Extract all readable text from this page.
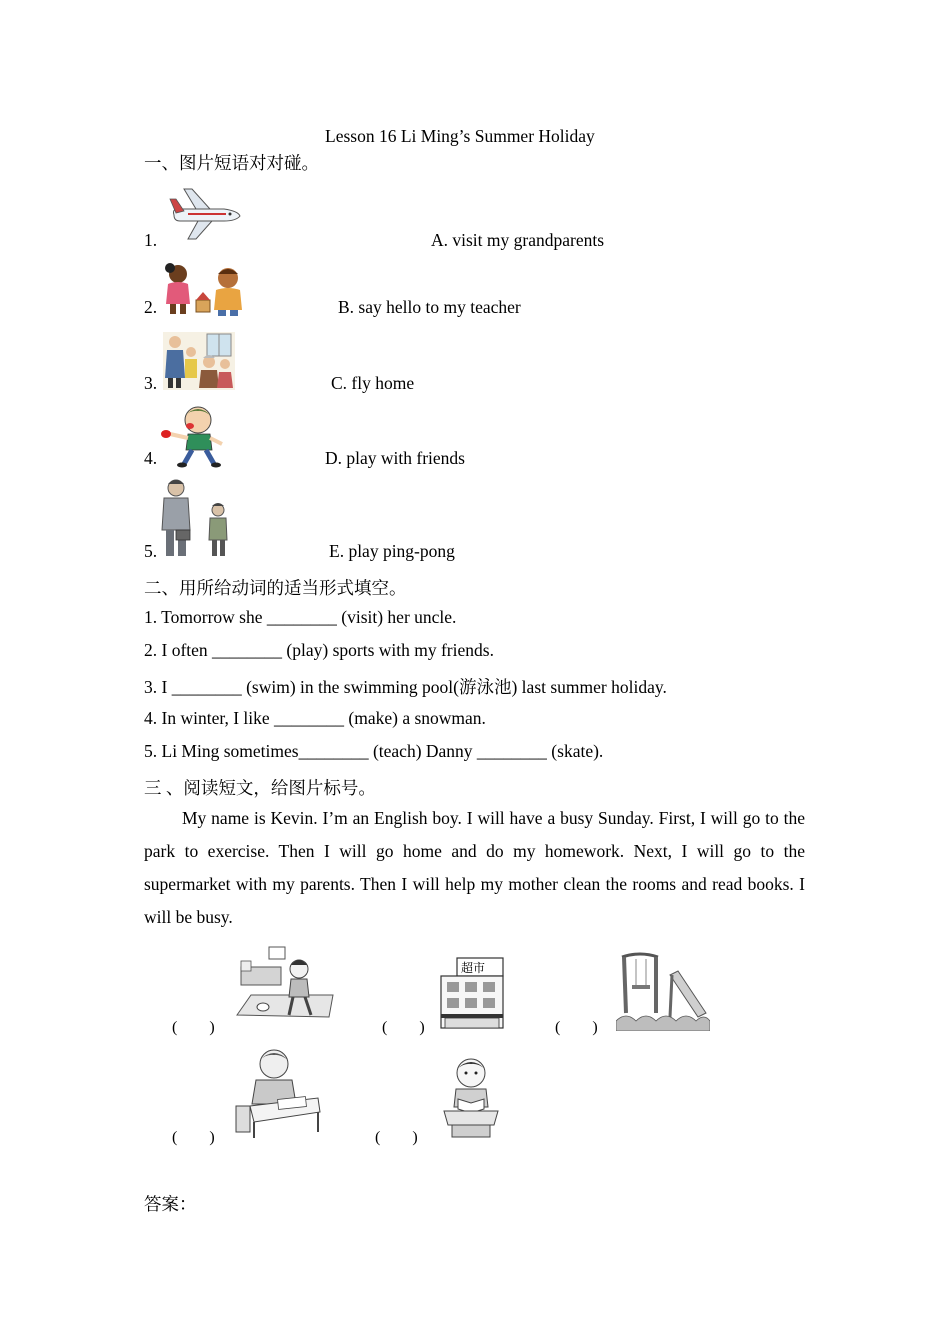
Lesson 16 Li Ming’s Summer Holiday
一、图片短语对对碰。
1.	A. visit my grandparents
2.	B. say hello to my teacher
3.	C. fly home
4.	D. play with friends
5.	E. play ping-pong
二、用所给动词的适当形式填空。
1. Tomorrow she ________ (visit) her uncle.
2. I often ________ (play) sports with my friends.
3. I ________ (swim) in the swimming pool(游泳池) last summer holiday.
4. In winter, I like ________ (make) a snowman.
5. Li Ming sometimes________ (teach) Danny ________ (skate).
三 、阅读短文，给图片标号。
My name is Kevin. I’m an English boy. I will have a busy Sunday. First, I will go to the park to exercise. Then I will go home and do my homework. Next, I will go to the supermarket with my parents. Then I will help my mother clean the rooms and read books. I will be busy.
(　　)	(　　)
超市
(　　)
(　　)	(　　)
答案：
